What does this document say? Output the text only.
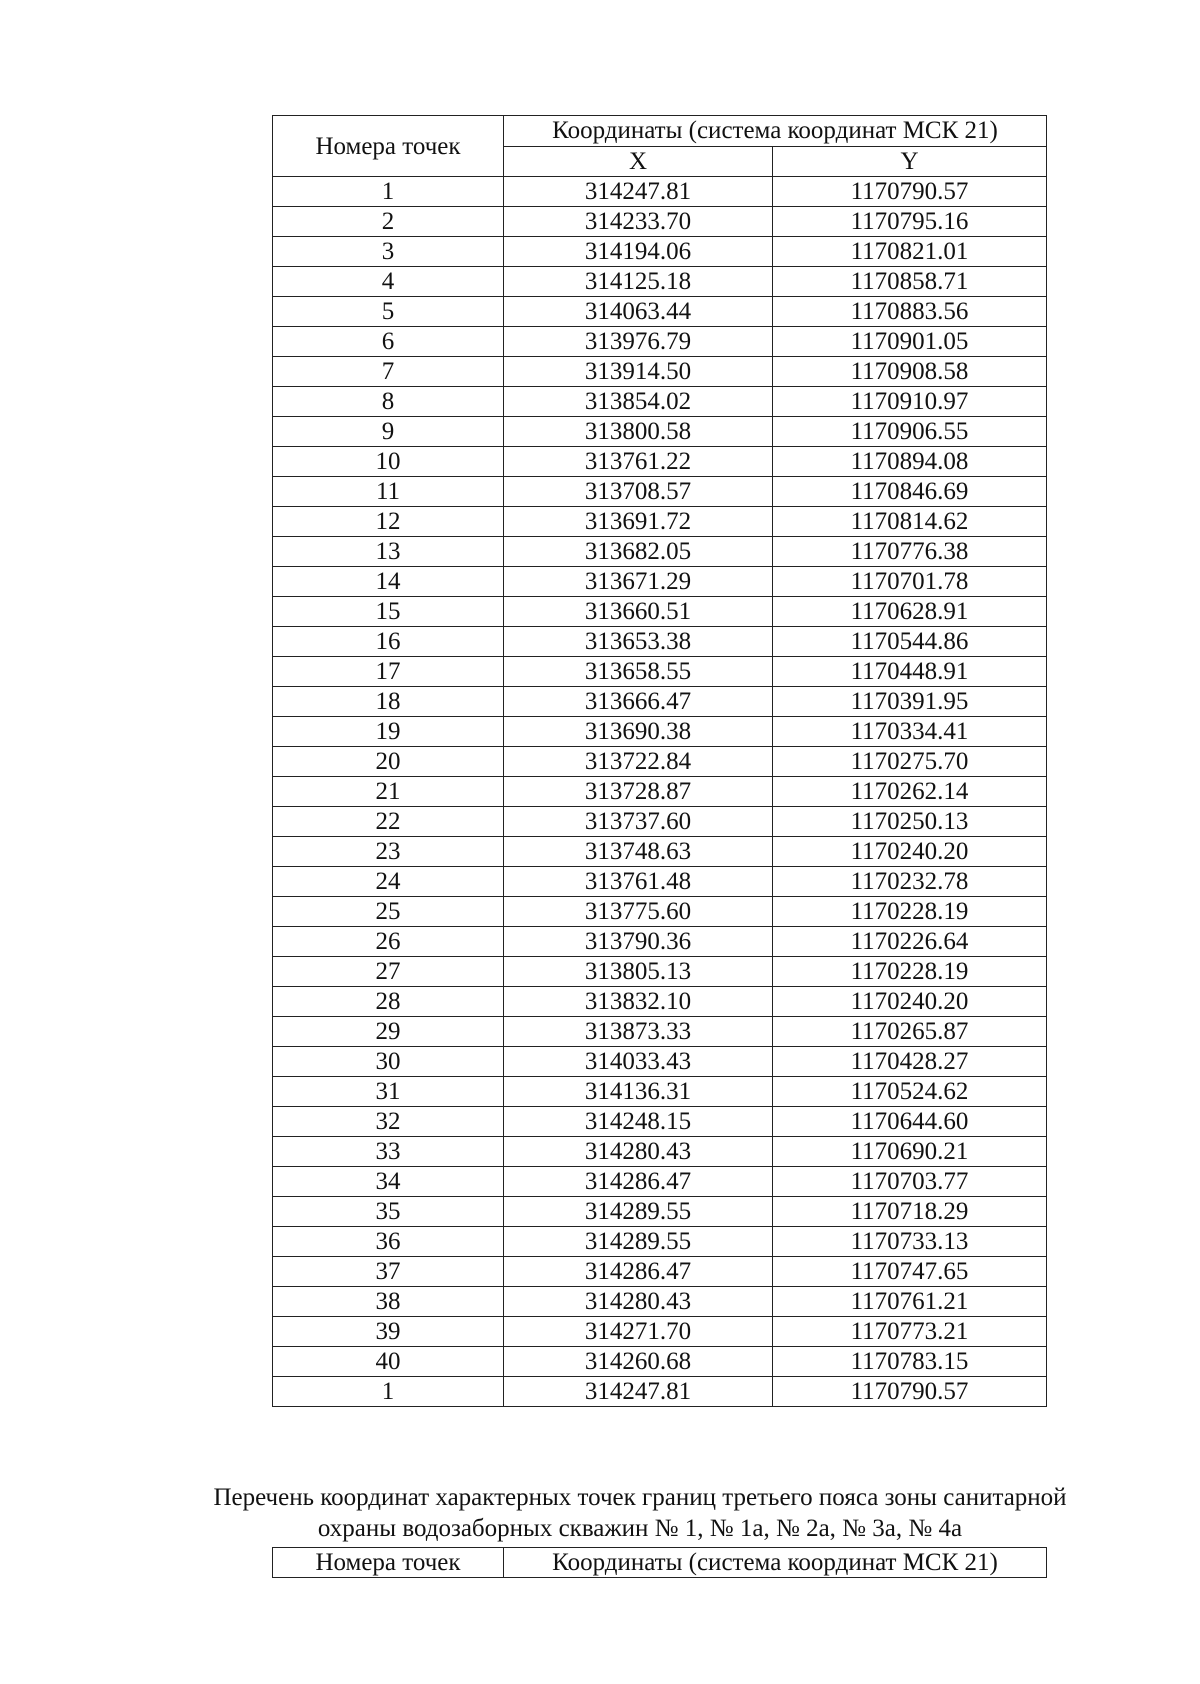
Номера точек	Координаты (система координат МСК 21)	
	X	Y
1	314247.81	1170790.57
2	314233.70	1170795.16
3	314194.06	1170821.01
4	314125.18	1170858.71
5	314063.44	1170883.56
6	313976.79	1170901.05
7	313914.50	1170908.58
8	313854.02	1170910.97
9	313800.58	1170906.55
10	313761.22	1170894.08
11	313708.57	1170846.69
12	313691.72	1170814.62
13	313682.05	1170776.38
14	313671.29	1170701.78
15	313660.51	1170628.91
16	313653.38	1170544.86
17	313658.55	1170448.91
18	313666.47	1170391.95
19	313690.38	1170334.41
20	313722.84	1170275.70
21	313728.87	1170262.14
22	313737.60	1170250.13
23	313748.63	1170240.20
24	313761.48	1170232.78
25	313775.60	1170228.19
26	313790.36	1170226.64
27	313805.13	1170228.19
28	313832.10	1170240.20
29	313873.33	1170265.87
30	314033.43	1170428.27
31	314136.31	1170524.62
32	314248.15	1170644.60
33	314280.43	1170690.21
34	314286.47	1170703.77
35	314289.55	1170718.29
36	314289.55	1170733.13
37	314286.47	1170747.65
38	314280.43	1170761.21
39	314271.70	1170773.21
40	314260.68	1170783.15
1	314247.81	1170790.57
Перечень координат характерных точек границ третьего пояса зоны санитарной
охраны водозаборных скважин № 1, № 1а, № 2а, № 3а, № 4а
Номера точек	Координаты (система координат МСК 21)
